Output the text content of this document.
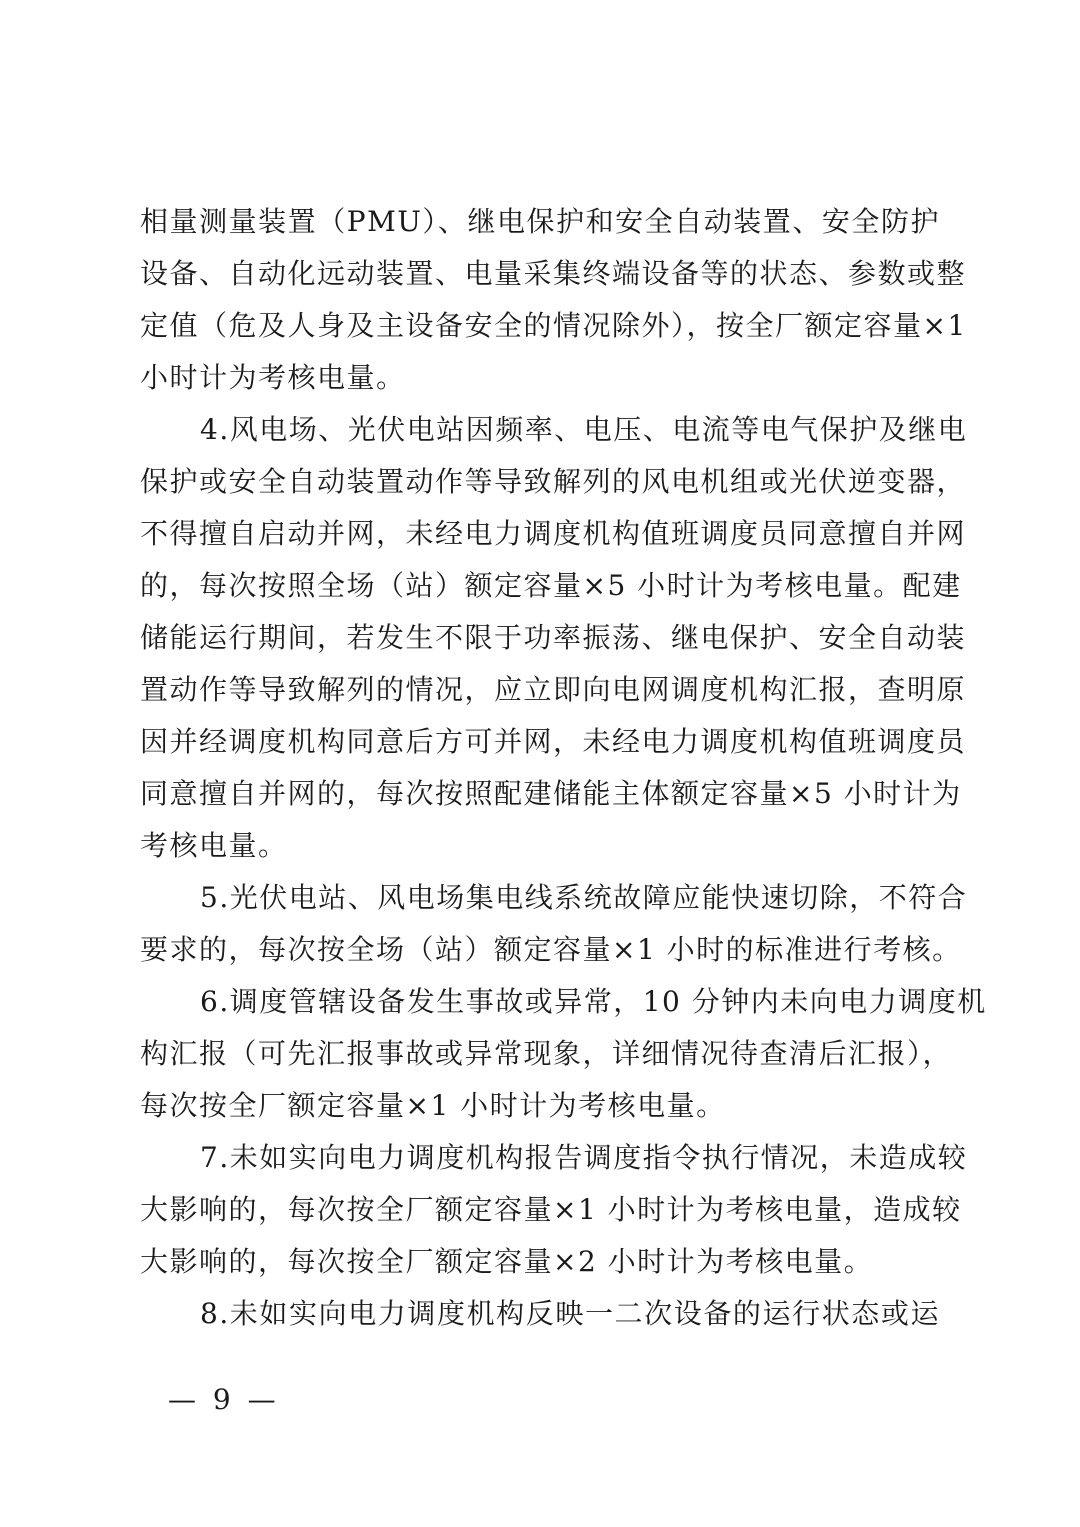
相量测量装置（PMU）、继电保护和安全自动装置、安全防护
设备、自动化远动装置、电量采集终端设备等的状态、参数或整
定值（危及人身及主设备安全的情况除外），按全厂额定容量×1
小时计为考核电量。
4.风电场、光伏电站因频率、电压、电流等电气保护及继电
保护或安全自动装置动作等导致解列的风电机组或光伏逆变器，
不得擅自启动并网，未经电力调度机构值班调度员同意擅自并网
的，每次按照全场（站）额定容量×5 小时计为考核电量。配建
储能运行期间，若发生不限于功率振荡、继电保护、安全自动装
置动作等导致解列的情况，应立即向电网调度机构汇报，查明原
因并经调度机构同意后方可并网，未经电力调度机构值班调度员
同意擅自并网的，每次按照配建储能主体额定容量×5 小时计为
考核电量。
5.光伏电站、风电场集电线系统故障应能快速切除，不符合
要求的，每次按全场（站）额定容量×1 小时的标准进行考核。
6.调度管辖设备发生事故或异常，10 分钟内未向电力调度机
构汇报（可先汇报事故或异常现象，详细情况待查清后汇报），
每次按全厂额定容量×1 小时计为考核电量。
7.未如实向电力调度机构报告调度指令执行情况，未造成较
大影响的，每次按全厂额定容量×1 小时计为考核电量，造成较
大影响的，每次按全厂额定容量×2 小时计为考核电量。
8.未如实向电力调度机构反映一二次设备的运行状态或运
— 9 —
